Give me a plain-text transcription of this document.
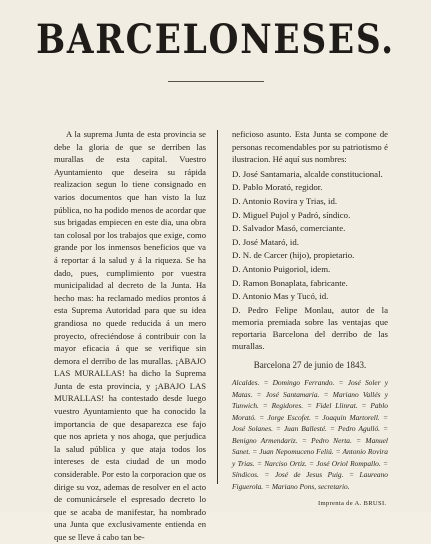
BARCELONESES.

A la suprema Junta de esta provincia se debe la gloria de que se derriben las murallas de esta capital. Vuestro Ayuntamiento que deseira su rápida realizacion segun lo tiene consignado en varios documentos que han visto la luz pública, no ha podido menos de acordar que sus brigadas empiecen en este dia, una obra tan colosal por los trabajos que exige, como grande por los inmensos beneficios que va á reportar á la salud y á la riqueza. Se ha dado, pues, cumplimiento por vuestra municipalidad al decreto de la Junta. Ha hecho mas: ha reclamado medios prontos á esta Suprema Autoridad para que su idea grandiosa no quede reducida á un mero proyecto, ofreciéndose á contribuir con la mayor eficacia á que se verifique sin demora el derribo de las murallas. ¡ABAJO LAS MURALLAS! ha dicho la Suprema Junta de esta provincia, y ¡ABAJO LAS MURALLAS! ha contestado desde luego vuestro Ayuntamiento que ha conocido la importancia de que desaparezca ese fajo que nos aprieta y nos ahoga, que perjudica la salud pública y que ataja todos los intereses de esta ciudad de un modo considerable. Por esto la corporacion que os dirige su voz, ademas de resolver en el acto de comunicársele el espresado decreto lo que se acaba de manifestar, ha nombrado una Junta que exclusivamente entienda en que se lleve á cabo tan be-

neficioso asunto. Esta Junta se compone de personas recomendables por su patriotismo é ilustracion. Hé aquí sus nombres:

D. José Santamaria, alcalde constitucional.
D. Pablo Morató, regidor.
D. Antonio Rovira y Trias, id.
D. Miguel Pujol y Padró, síndico.
D. Salvador Masó, comerciante.
D. José Mataró, id.
D. N. de Carcer (hijo), propietario.
D. Antonio Puigoriol, idem.
D. Ramon Bonaplata, fabricante.
D. Antonio Mas y Tucó, id.

D. Pedro Felipe Monlau, autor de la memoria premiada sobre las ventajas que reportaria Barcelona del derribo de las murallas.

Barcelona 27 de junio de 1843.
Alcaldes. = Domingo Ferrando. = José Soler y Matas. = José Santamaria. = Mariano Vallés y Tunwich. = Regidores. = Fidel Llinrat. = Pablo Morató. = Jorge Escofet. = Joaquin Martorell. = José Solanes. = Juan Ballesté. = Pedro Agulló. = Benigno Armendariz. = Pedro Nerta. = Manuel Sanet. = Juan Nepomuceno Feliú. = Antonio Rovira y Trias. = Narciso Ortiz. = José Oriol Rompallo. = Síndicos. = José de Jesus Puig. = Laureano Figuerola. = Mariano Pons, secretario.
Imprenta de A. BRUSI.
